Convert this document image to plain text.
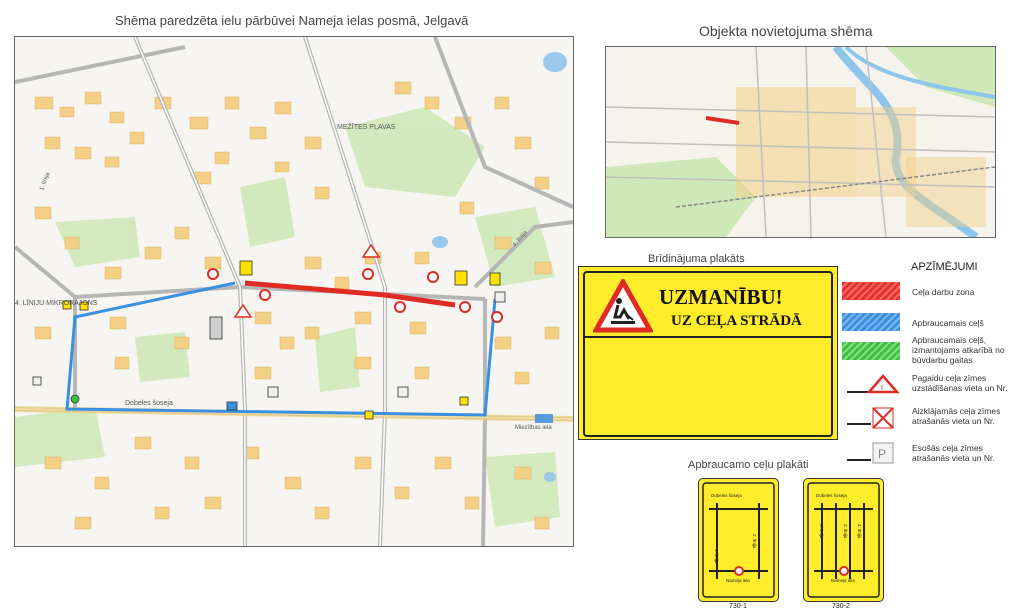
Shēma paredzēta ielu pārbūvei Nameja ielas posmā, Jelgavā
Dobeles šoseja
MEŽĪTES PĻAVAS
4. LĪNIJU MIKRORAJONS
1. līnija
4. līnija
Miezītbas iela
Objekta novietojuma shēma
Brīdinājuma plakāts
UZMANĪBU!
UZ CEĻA STRĀDĀ
APZĪMĒJUMI
Ceļa darbu zona
Apbraucamais ceļš
Apbraucamais ceļš, izmantojams atkarībā no būvdarbu gaitas
!
Pagaidu ceļa zīmes uzstādīšanas vieta un Nr.
Aizklājamās ceļa zīmes atrašanās vieta un Nr.
P	Esošās ceļa zīmes atrašanās vieta un Nr.
Apbraucamo ceļu plakāti
Dobeles šoseja
1. līnija
2. līnija
Nameja iela
730-1
Dobeles šoseja
1. līnija	2. līnija 4. līnija
Nameja iela
730-2
